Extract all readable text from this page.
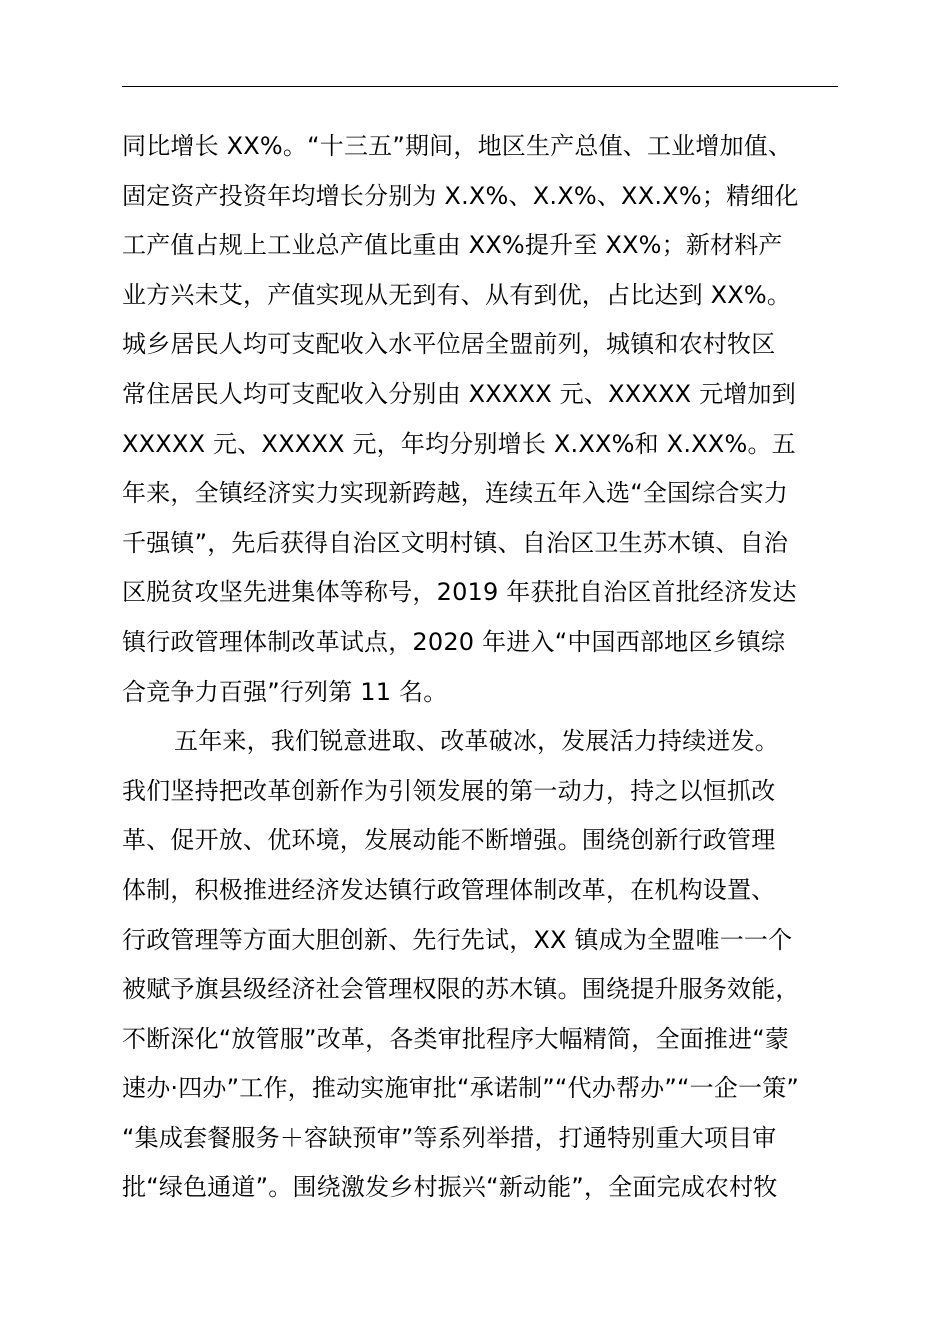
同比增长 XX%。“十三五”期间，地区生产总值、工业增加值、
固定资产投资年均增长分别为 X.X%、X.X%、XX.X%；精细化
工产值占规上工业总产值比重由 XX%提升至 XX%；新材料产
业方兴未艾，产值实现从无到有、从有到优，占比达到 XX%。
城乡居民人均可支配收入水平位居全盟前列，城镇和农村牧区
常住居民人均可支配收入分别由 XXXXX 元、XXXXX 元增加到
XXXXX 元、XXXXX 元，年均分别增长 X.XX%和 X.XX%。五
年来，全镇经济实力实现新跨越，连续五年入选“全国综合实力
千强镇”，先后获得自治区文明村镇、自治区卫生苏木镇、自治
区脱贫攻坚先进集体等称号，2019 年获批自治区首批经济发达
镇行政管理体制改革试点，2020 年进入“中国西部地区乡镇综
合竞争力百强”行列第 11 名。
五年来，我们锐意进取、改革破冰，发展活力持续迸发。
我们坚持把改革创新作为引领发展的第一动力，持之以恒抓改
革、促开放、优环境，发展动能不断增强。围绕创新行政管理
体制，积极推进经济发达镇行政管理体制改革，在机构设置、
行政管理等方面大胆创新、先行先试，XX 镇成为全盟唯一一个
被赋予旗县级经济社会管理权限的苏木镇。围绕提升服务效能，
不断深化“放管服”改革，各类审批程序大幅精简，全面推进“蒙
速办·四办”工作，推动实施审批“承诺制”“代办帮办”“一企一策”
“集成套餐服务＋容缺预审”等系列举措，打通特别重大项目审
批“绿色通道”。围绕激发乡村振兴“新动能”，全面完成农村牧
